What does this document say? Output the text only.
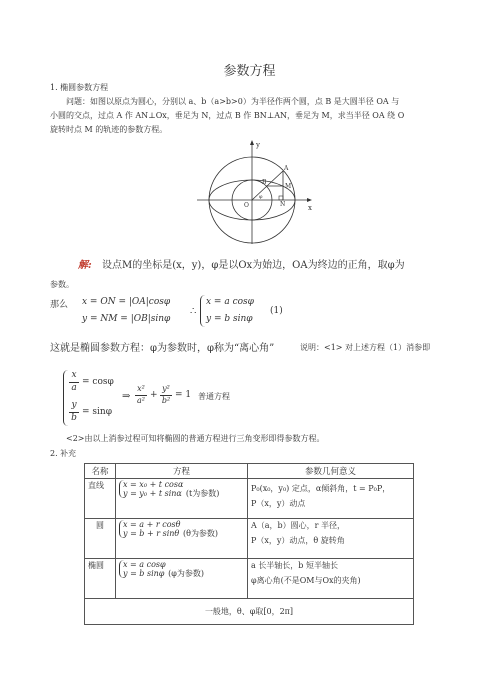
参数方程
1. 椭圆参数方程
问题：如图以原点为圆心，分别以 a、b（a>b>0）为半径作两个圆，点 B 是大圆半径 OA 与
小圆的交点，过点 A 作 AN⊥Ox，垂足为 N，过点 B 作 BN⊥AN，垂足为 M，求当半径 OA 绕 O
旋转时点 M 的轨迹的参数方程。
y
x
A
B
M
N
O
φ
解: 设点M的坐标是(x，y)，φ是以Ox为始边，OA为终边的正角，取φ为
参数。
那么 x = ON = |OA|cosφ
y = NM = |OB|sinφ
∴
x = a cosφ
y = b sinφ
(1)
这就是椭圆参数方程：φ为参数时，φ称为“离心角”	说明：<1> 对上述方程（1）消参即
x
a
= cosφ
y
b
= sinφ
⇒
x²
a²
+
y²
b²
= 1 普通方程
<2>由以上消参过程可知将椭圆的普通方程进行三角变形即得参数方程。
2. 补充
名称	方程	参数几何意义
直线	x = x₀ + t cosα
y = y₀ + t sinα (t为参数)	P₀(x₀，y₀) 定点，α倾斜角，t = P₀P，
P（x，y）动点

圆	x = a + r cosθ
y = b + r sinθ (θ为参数)	A（a，b）圆心，r 半径，
P（x，y）动点，θ 旋转角

椭圆	x = a cosφ
y = b sinφ (φ为参数)	a 长半轴长，b 短半轴长
φ离心角(不是OM与Ox的夹角)

一般地，θ、φ取[0，2π]		
